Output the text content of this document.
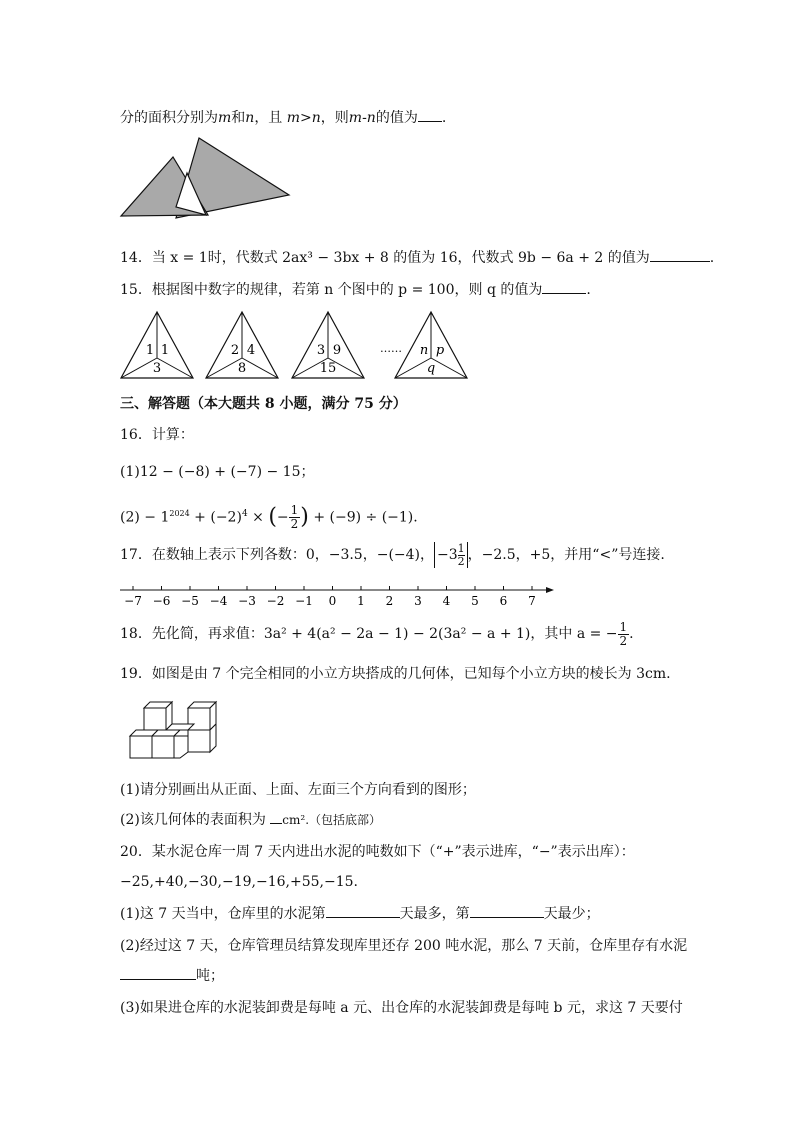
分的面积分别为m和n，且 m>n，则m-n的值为 .
14．当 x = 1时，代数式 2ax³ − 3bx + 8 的值为 16，代数式 9b − 6a + 2 的值为	.
15．根据图中数字的规律，若第 n 个图中的 p = 100，则 q 的值为	.
1 1
3
2 4
8
3 9
15
…… n p
q
三、解答题（本大题共 8 小题，满分 75 分）
16．计算：
(1)12 − (−8) + (−7) − 15；
$(2) - 1^{2024} + (-2)^4$ × (− $\frac{1}{2}$ ) + (−9) ÷ (−1).
17．在数轴上表示下列各数：0，−3.5，−(−4)， $-3 \frac{1}{2}$ ，−2.5，+5，并用“<”号连接.
−7 −6 −5 −4 −3 −2 −1 0 1 2 3 4 5 6 7
18．先化简，再求值：3a² + 4(a² − 2a − 1) − 2(3a² − a + 1)，其中 a = − $\frac{1}{2}$ .
19．如图是由 7 个完全相同的小立方块搭成的几何体，已知每个小立方块的棱长为 3cm.
(1)请分别画出从正面、上面、左面三个方向看到的图形；
(2)该几何体的表面积为 cm².（包括底部）
20．某水泥仓库一周 7 天内进出水泥的吨数如下（“+”表示进库，“−”表示出库）：
−25,+40,−30,−19,−16,+55,−15.
(1)这 7 天当中，仓库里的水泥第	天最多，第	天最少；
(2)经过这 7 天，仓库管理员结算发现库里还存 200 吨水泥，那么 7 天前，仓库里存有水泥
吨；
(3)如果进仓库的水泥装卸费是每吨 a 元、出仓库的水泥装卸费是每吨 b 元，求这 7 天要付
